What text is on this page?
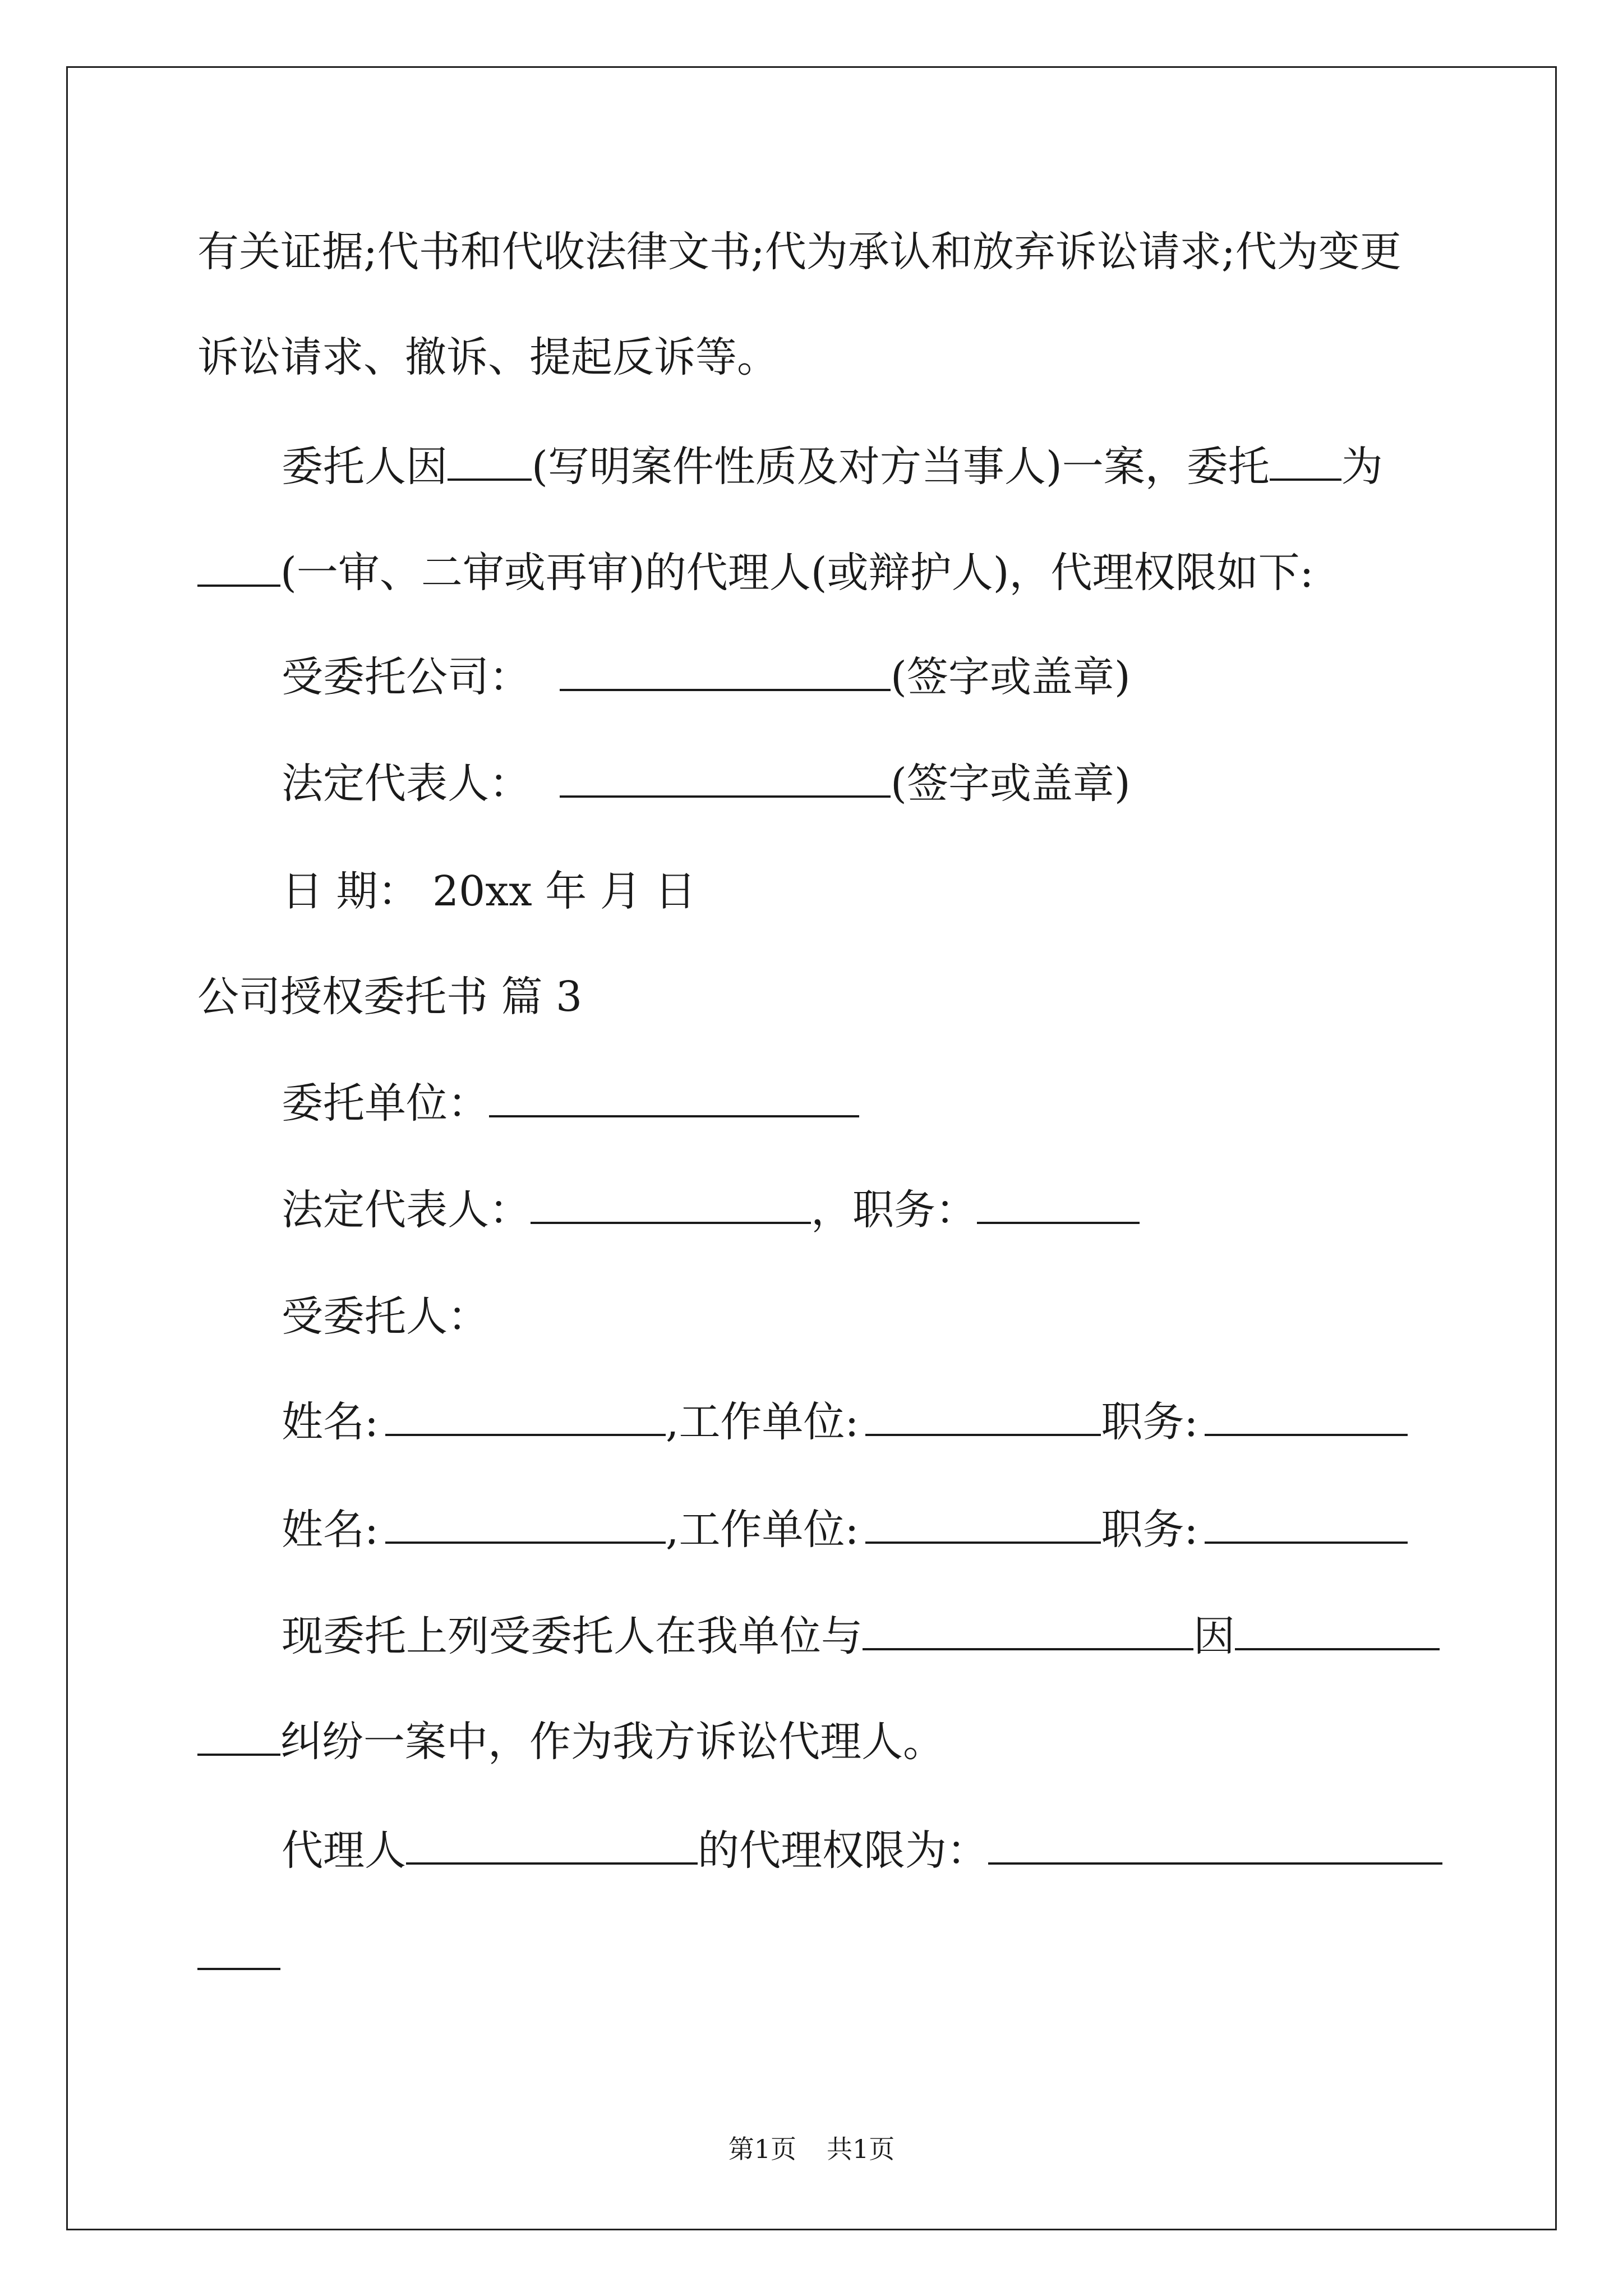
有关证据;代书和代收法律文书;代为承认和放弃诉讼请求;代为变更
诉讼请求、撤诉、提起反诉等。
委托人因 (写明案件性质及对方当事人)一案，委托 为
(一审、二审或再审)的代理人(或辩护人)，代理权限如下:
受委托公司：	(签字或盖章)
法定代表人：	(签字或盖章)
日 期： 20xx 年 月 日
公司授权委托书 篇 3
委托单位：
法定代表人：	，职务：
受委托人：
姓名:	,工作单位:	职务:
姓名:	,工作单位:	职务:
现委托上列受委托人在我单位与	因
纠纷一案中，作为我方诉讼代理人。
代理人	的代理权限为：
第1页 共1页
